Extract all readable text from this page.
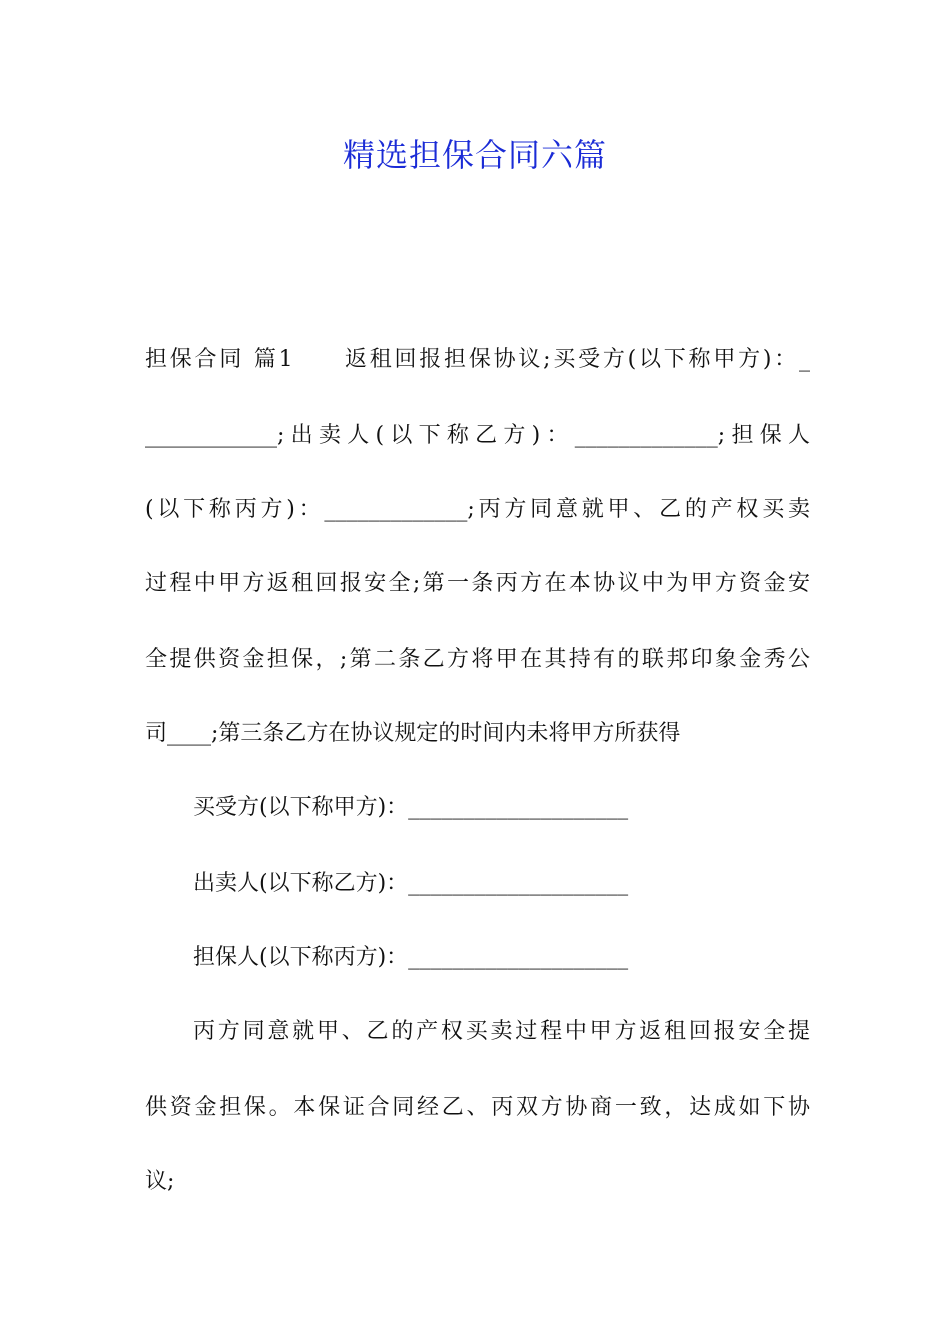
精选担保合同六篇
担保合同 篇1　　返租回报担保协议;买受方(以下称甲方)：_
____________;出卖人(以下称乙方)：_____________;担保人
(以下称丙方)：_____________;丙方同意就甲、乙的产权买卖
过程中甲方返租回报安全;第一条丙方在本协议中为甲方资金安
全提供资金担保，;第二条乙方将甲在其持有的联邦印象金秀公
司____;第三条乙方在协议规定的时间内未将甲方所获得
买受方(以下称甲方)：____________________
出卖人(以下称乙方)：____________________
担保人(以下称丙方)：____________________
丙方同意就甲、乙的产权买卖过程中甲方返租回报安全提
供资金担保。本保证合同经乙、丙双方协商一致，达成如下协
议;
